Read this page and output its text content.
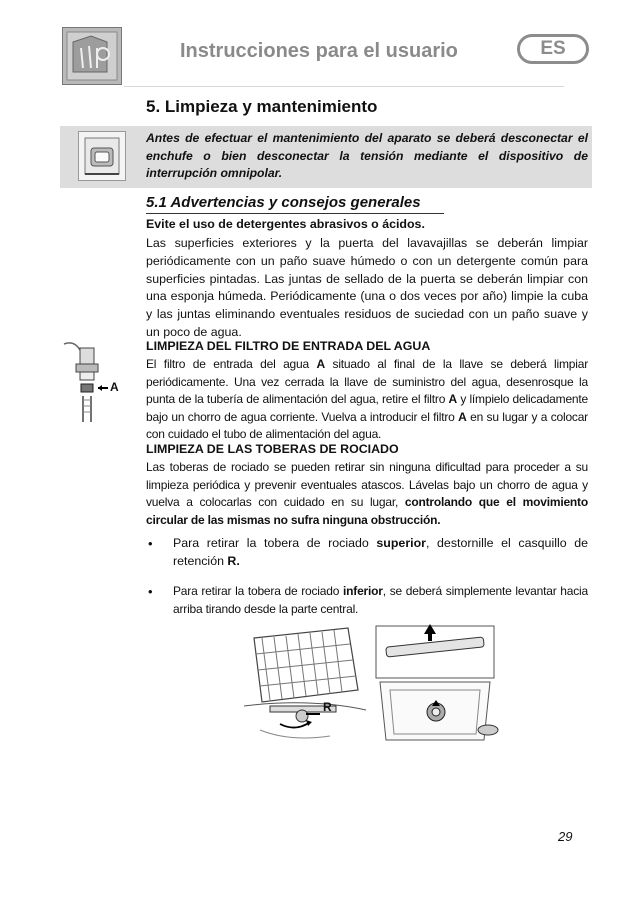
Instrucciones para el usuario	ES
5. Limpieza y mantenimiento
Antes de efectuar el mantenimiento del aparato se deberá desconectar el enchufe o bien desconectar la tensión mediante el dispositivo de interrupción omnipolar.
5.1 Advertencias y consejos generales
Evite el uso de detergentes abrasivos o ácidos.

Las superficies exteriores y la puerta del lavavajillas se deberán limpiar periódicamente con un paño suave húmedo o con un detergente común para superficies pintadas. Las juntas de sellado de la puerta se deberán limpiar con una esponja húmeda. Periódicamente (una o dos veces por año) limpie la cuba y las juntas eliminando eventuales residuos de suciedad con un paño suave y un poco de agua.

A
LIMPIEZA DEL FILTRO DE ENTRADA DEL AGUA

El filtro de entrada del agua A situado al final de la llave se deberá limpiar periódicamente. Una vez cerrada la llave de suministro del agua, desenrosque la punta de la tubería de alimentación del agua, retire el filtro A y límpielo delicadamente bajo un chorro de agua corriente. Vuelva a introducir el filtro A en su lugar y a colocar con cuidado el tubo de alimentación del agua.

LIMPIEZA DE LAS TOBERAS DE ROCIADO

Las toberas de rociado se pueden retirar sin ninguna dificultad para proceder a su limpieza periódica y prevenir eventuales atascos. Lávelas bajo un chorro de agua y vuelva a colocarlas con cuidado en su lugar, controlando que el movimiento circular de las mismas no sufra ninguna obstrucción.

• Para retirar la tobera de rociado superior, destornille el casquillo de retención R.

• Para retirar la tobera de rociado inferior, se deberá simplemente levantar hacia arriba tirando desde la parte central.

R
29
